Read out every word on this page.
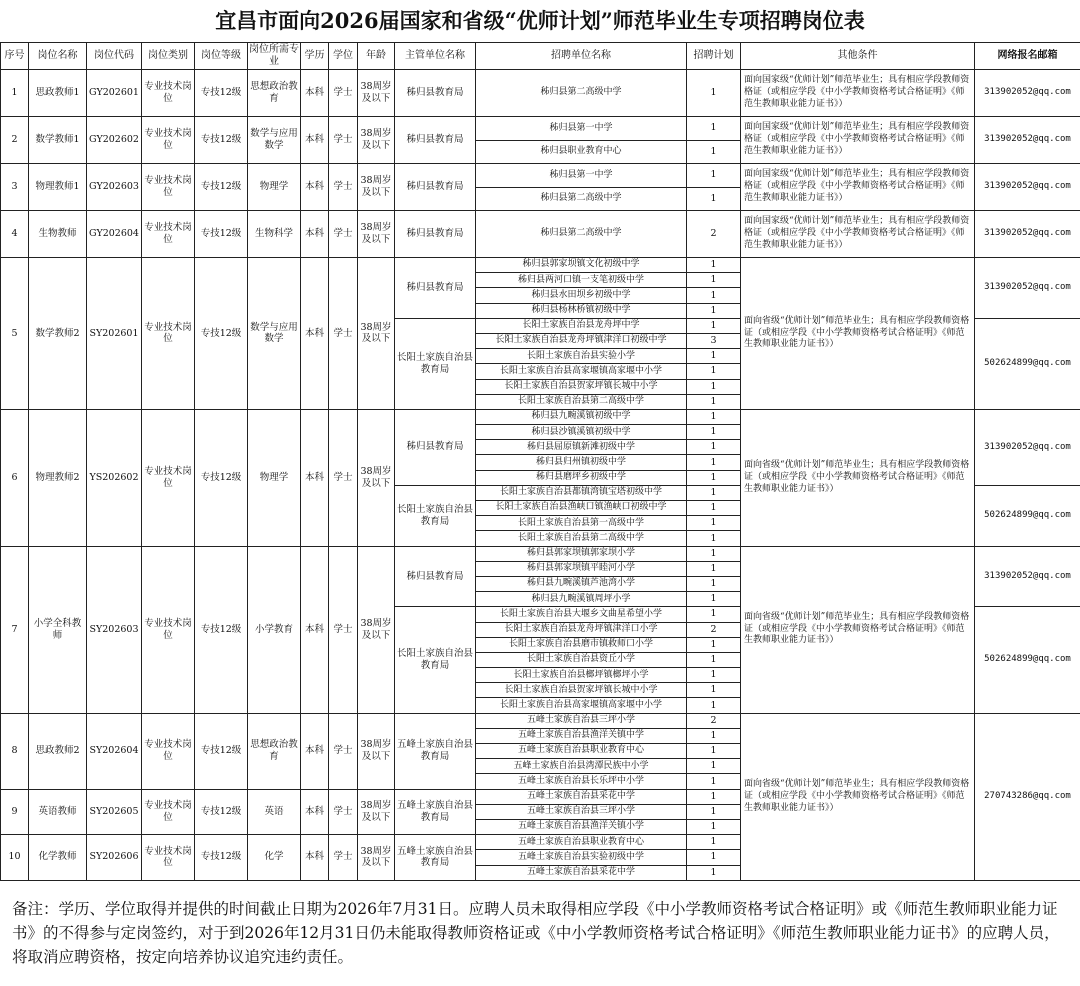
宜昌市面向2026届国家和省级“优师计划”师范毕业生专项招聘岗位表
序号	岗位名称	岗位代码	岗位类别	岗位等级	岗位所需专业	学历	学位	年龄	主管单位名称	招聘单位名称	招聘计划	其他条件	网络报名邮箱
1	思政教师1	GY202601	专业技术岗位	专技12级	思想政治教育	本科	学士	38周岁及以下	秭归县教育局	秭归县第二高级中学	1	面向国家级“优师计划”师范毕业生；具有相应学段教师资格证（或相应学段《中小学教师资格考试合格证明》《师范生教师职业能力证书》）	313902052@qq.com
2	数学教师1	GY202602	专业技术岗位	专技12级	数学与应用数学	本科	学士	38周岁及以下	秭归县教育局	秭归县第一中学	1	面向国家级“优师计划”师范毕业生；具有相应学段教师资格证（或相应学段《中小学教师资格考试合格证明》《师范生教师职业能力证书》）	313902052@qq.com
										秭归县职业教育中心	1		
3	物理教师1	GY202603	专业技术岗位	专技12级	物理学	本科	学士	38周岁及以下	秭归县教育局	秭归县第一中学	1	面向国家级“优师计划”师范毕业生；具有相应学段教师资格证（或相应学段《中小学教师资格考试合格证明》《师范生教师职业能力证书》）	313902052@qq.com
										秭归县第二高级中学	1		
4	生物教师	GY202604	专业技术岗位	专技12级	生物科学	本科	学士	38周岁及以下	秭归县教育局	秭归县第二高级中学	2	面向国家级“优师计划”师范毕业生；具有相应学段教师资格证（或相应学段《中小学教师资格考试合格证明》《师范生教师职业能力证书》）	313902052@qq.com
5	数学教师2	SY202601	专业技术岗位	专技12级	数学与应用数学	本科	学士	38周岁及以下	秭归县教育局	秭归县郭家坝镇文化初级中学	1	面向省级“优师计划”师范毕业生；具有相应学段教师资格证（或相应学段《中小学教师资格考试合格证明》《师范生教师职业能力证书》）	313902052@qq.com
										秭归县两河口镇一支笔初级中学	1		
										秭归县水田坝乡初级中学	1		
										秭归县杨林桥镇初级中学	1		
									长阳土家族自治县教育局	长阳土家族自治县龙舟坪中学	1		502624899@qq.com
										长阳土家族自治县龙舟坪镇津洋口初级中学	3		
										长阳土家族自治县实验小学	1		
										长阳土家族自治县高家堰镇高家堰中小学	1		
										长阳土家族自治县贺家坪镇长城中小学	1		
										长阳土家族自治县第二高级中学	1		
6	物理教师2	YS202602	专业技术岗位	专技12级	物理学	本科	学士	38周岁及以下	秭归县教育局	秭归县九畹溪镇初级中学	1	面向省级“优师计划”师范毕业生；具有相应学段教师资格证（或相应学段《中小学教师资格考试合格证明》《师范生教师职业能力证书》）	313902052@qq.com
										秭归县沙镇溪镇初级中学	1		
										秭归县屈原镇新滩初级中学	1		
										秭归县归州镇初级中学	1		
										秭归县磨坪乡初级中学	1		
									长阳土家族自治县教育局	长阳土家族自治县都镇湾镇宝塔初级中学	1		502624899@qq.com
										长阳土家族自治县渔峡口镇渔峡口初级中学	1		
										长阳土家族自治县第一高级中学	1		
										长阳土家族自治县第二高级中学	1		
7	小学全科教师	SY202603	专业技术岗位	专技12级	小学教育	本科	学士	38周岁及以下	秭归县教育局	秭归县郭家坝镇郭家坝小学	1	面向省级“优师计划”师范毕业生；具有相应学段教师资格证（或相应学段《中小学教师资格考试合格证明》《师范生教师职业能力证书》）	313902052@qq.com
										秭归县郭家坝镇平睦河小学	1		
										秭归县九畹溪镇芦池湾小学	1		
										秭归县九畹溪镇周坪小学	1		
									长阳土家族自治县教育局	长阳土家族自治县大堰乡文曲星希望小学	1		502624899@qq.com
										长阳土家族自治县龙舟坪镇津洋口小学	2		
										长阳土家族自治县磨市镇救师口小学	1		
										长阳土家族自治县资丘小学	1		
										长阳土家族自治县榔坪镇榔坪小学	1		
										长阳土家族自治县贺家坪镇长城中小学	1		
										长阳土家族自治县高家堰镇高家堰中小学	1		
8	思政教师2	SY202604	专业技术岗位	专技12级	思想政治教育	本科	学士	38周岁及以下	五峰土家族自治县教育局	五峰土家族自治县三坪小学	2	面向省级“优师计划”师范毕业生；具有相应学段教师资格证（或相应学段《中小学教师资格考试合格证明》《师范生教师职业能力证书》）	270743286@qq.com
										五峰土家族自治县渔洋关镇中学	1		
										五峰土家族自治县职业教育中心	1		
										五峰土家族自治县湾潭民族中小学	1		
										五峰土家族自治县长乐坪中小学	1		
9	英语教师	SY202605	专业技术岗位	专技12级	英语	本科	学士	38周岁及以下	五峰土家族自治县教育局	五峰土家族自治县采花中学	1		
										五峰土家族自治县三坪小学	1		
										五峰土家族自治县渔洋关镇小学	1		
10	化学教师	SY202606	专业技术岗位	专技12级	化学	本科	学士	38周岁及以下	五峰土家族自治县教育局	五峰土家族自治县职业教育中心	1		
										五峰土家族自治县实验初级中学	1		
										五峰土家族自治县采花中学	1		
备注：学历、学位取得并提供的时间截止日期为2026年7月31日。应聘人员未取得相应学段《中小学教师资格考试合格证明》或《师范生教师职业能力证书》的不得参与定岗签约，对于到2026年12月31日仍未能取得教师资格证或《中小学教师资格考试合格证明》《师范生教师职业能力证书》的应聘人员，将取消应聘资格，按定向培养协议追究违约责任。
